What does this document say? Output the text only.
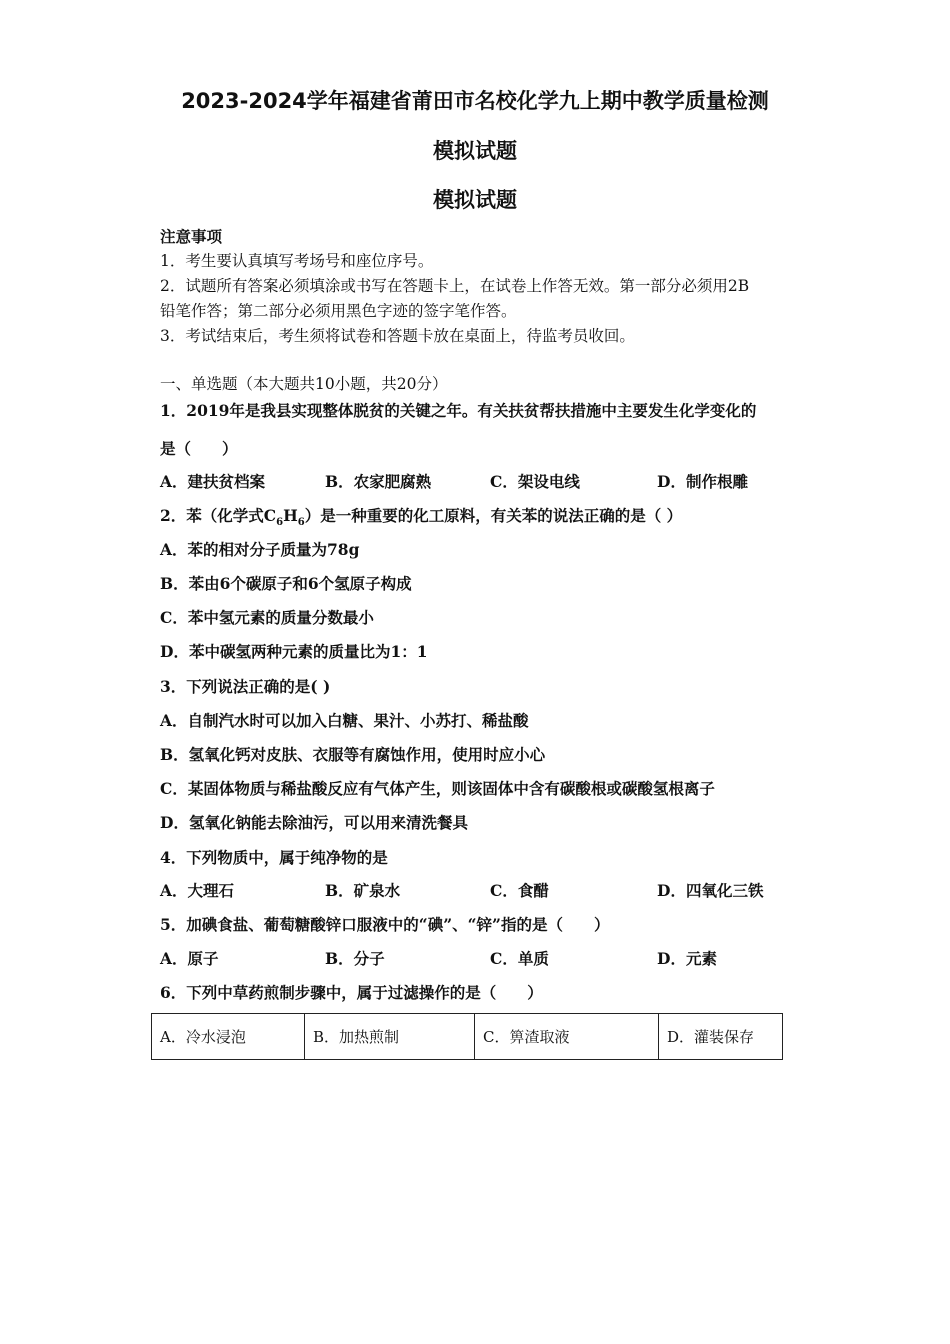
2023-2024学年福建省莆田市名校化学九上期中教学质量检测
模拟试题
模拟试题
注意事项
1．考生要认真填写考场号和座位序号。
2．试题所有答案必须填涂或书写在答题卡上，在试卷上作答无效。第一部分必须用2B
铅笔作答；第二部分必须用黑色字迹的签字笔作答。
3．考试结束后，考生须将试卷和答题卡放在桌面上，待监考员收回。
一、单选题（本大题共10小题，共20分）
1．2019年是我县实现整体脱贫的关键之年。有关扶贫帮扶措施中主要发生化学变化的
是（　　）
A．建扶贫档案	B．农家肥腐熟	C．架设电线	D．制作根雕
2．苯（化学式$C_6H_6$）是一种重要的化工原料，有关苯的说法正确的是（ ）
A．苯的相对分子质量为78g
B．苯由6个碳原子和6个氢原子构成
C．苯中氢元素的质量分数最小
D．苯中碳氢两种元素的质量比为1：1
3．下列说法正确的是( )
A．自制汽水时可以加入白糖、果汁、小苏打、稀盐酸
B．氢氧化钙对皮肤、衣服等有腐蚀作用，使用时应小心
C．某固体物质与稀盐酸反应有气体产生，则该固体中含有碳酸根或碳酸氢根离子
D．氢氧化钠能去除油污，可以用来清洗餐具
4．下列物质中，属于纯净物的是
A．大理石	B．矿泉水	C．食醋	D．四氧化三铁
5．加碘食盐、葡萄糖酸锌口服液中的“碘”、“锌”指的是（　　）
A．原子	B．分子	C．单质	D．元素
6．下列中草药煎制步骤中，属于过滤操作的是（　　）
A．冷水浸泡	B．加热煎制	C．箅渣取液	D．灌装保存
